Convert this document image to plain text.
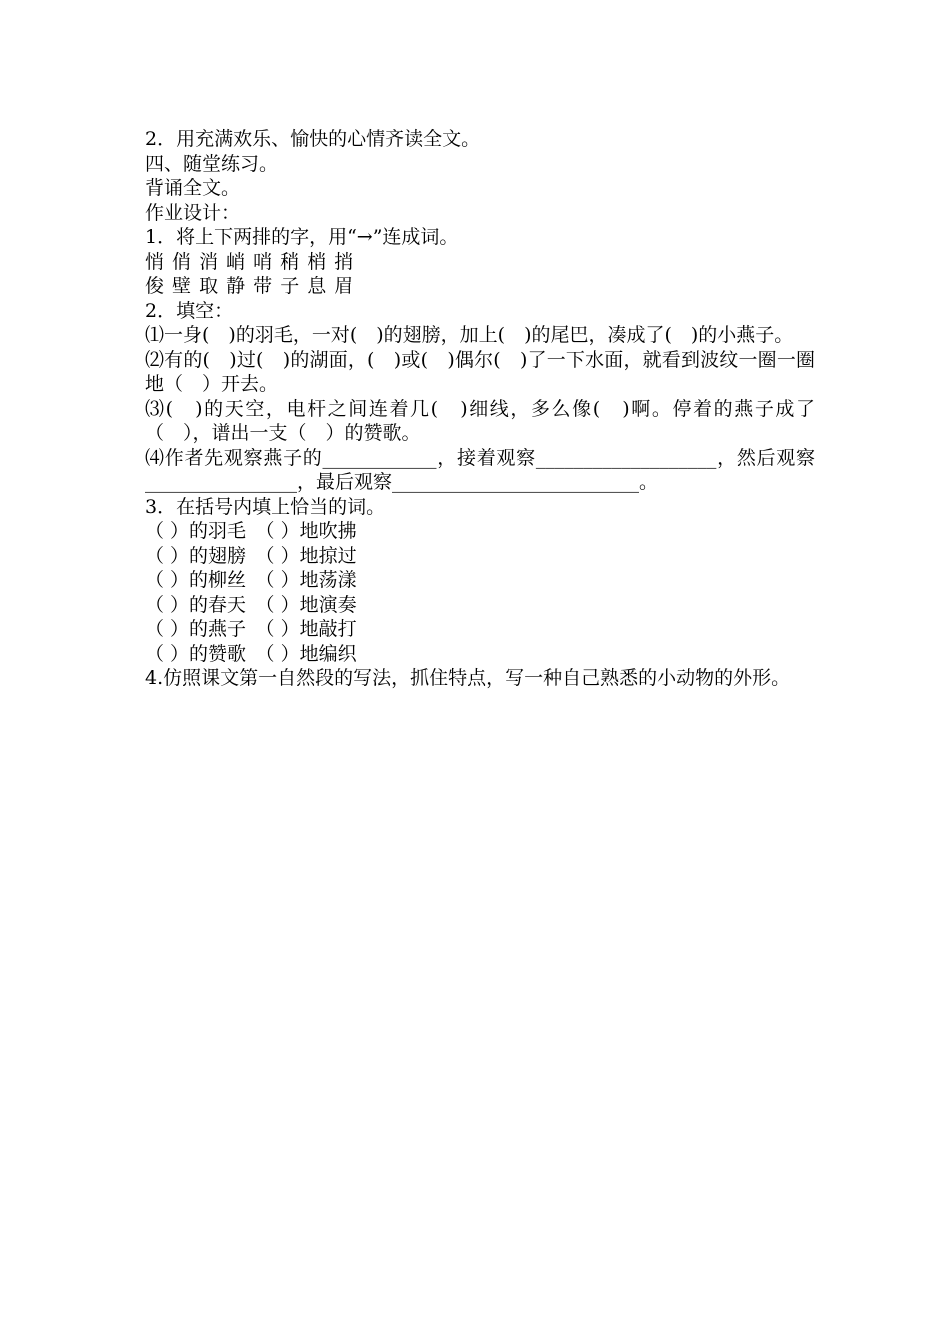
2．用充满欢乐、愉快的心情齐读全文。
四、随堂练习。
背诵全文。
作业设计：
1．将上下两排的字，用“→”连成词。
悄 俏 消 峭 哨 稍 梢 捎
俊 壁 取 静 带 子 息 眉
2．填空：
⑴一身(　)的羽毛，一对(　)的翅膀，加上(　)的尾巴，凑成了(　)的小燕子。
⑵有的(　)过(　)的湖面，(　)或(　)偶尔(　)了一下水面，就看到波纹一圈一圈地（　）开去。
⑶(　)的天空，电杆之间连着几(　)细线，多么像(　)啊。停着的燕子成了（　），谱出一支（　）的赞歌。
⑷作者先观察燕子的____________，接着观察___________________，然后观察________________，最后观察__________________________。
3．在括号内填上恰当的词。
（ ）的羽毛　（ ）地吹拂
（ ）的翅膀　（ ）地掠过
（ ）的柳丝　（ ）地荡漾
（ ）的春天　（ ）地演奏
（ ）的燕子　（ ）地敲打
（ ）的赞歌　（ ）地编织
4.仿照课文第一自然段的写法，抓住特点，写一种自己熟悉的小动物的外形。
